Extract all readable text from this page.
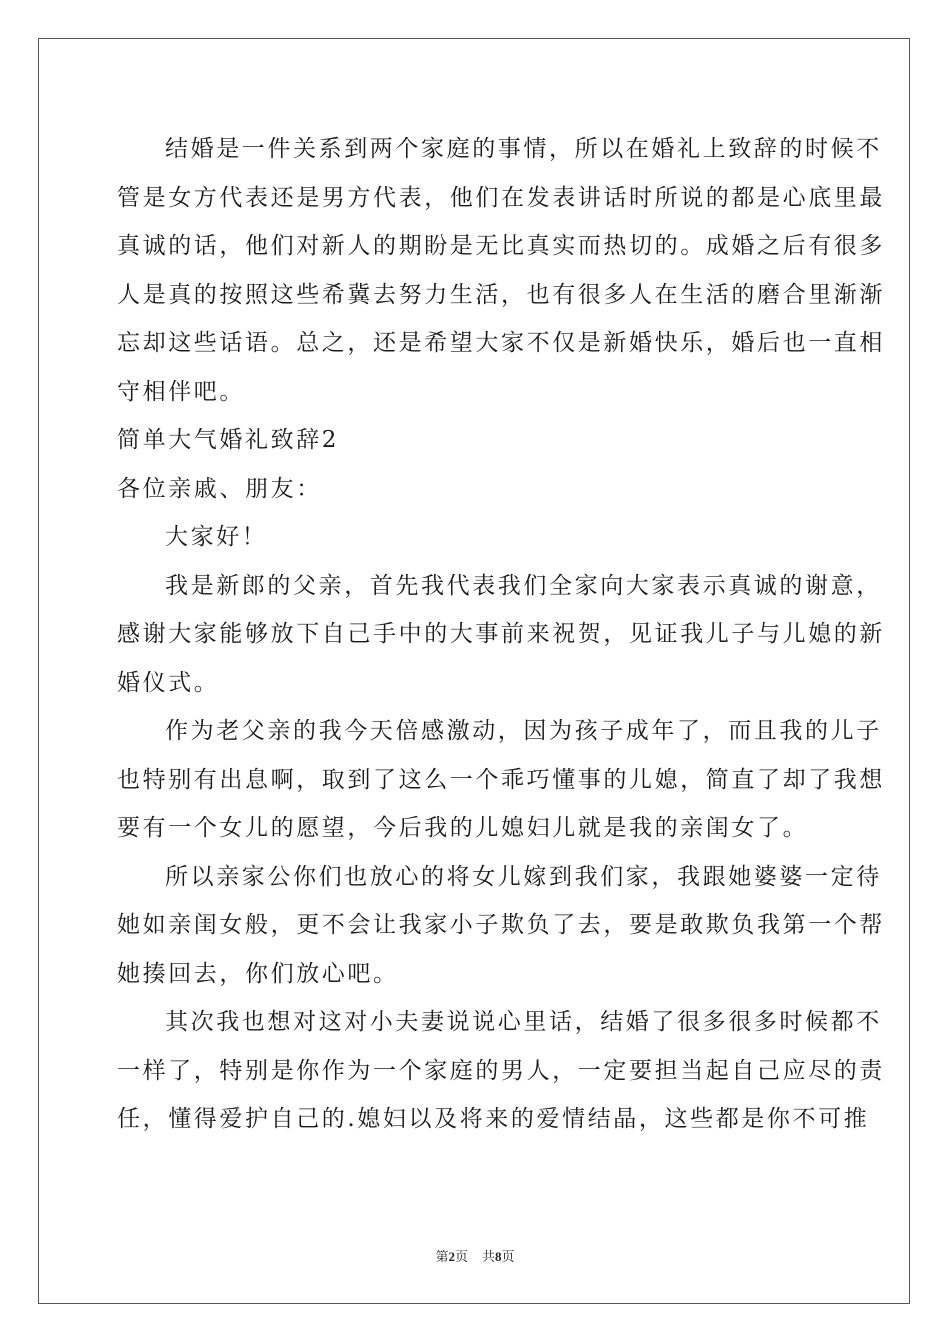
结婚是一件关系到两个家庭的事情，所以在婚礼上致辞的时候不
管是女方代表还是男方代表，他们在发表讲话时所说的都是心底里最
真诚的话，他们对新人的期盼是无比真实而热切的。成婚之后有很多
人是真的按照这些希冀去努力生活，也有很多人在生活的磨合里渐渐
忘却这些话语。总之，还是希望大家不仅是新婚快乐，婚后也一直相
守相伴吧。
简单大气婚礼致辞2
各位亲戚、朋友：
大家好！
我是新郎的父亲，首先我代表我们全家向大家表示真诚的谢意，
感谢大家能够放下自己手中的大事前来祝贺，见证我儿子与儿媳的新
婚仪式。
作为老父亲的我今天倍感激动，因为孩子成年了，而且我的儿子
也特别有出息啊，取到了这么一个乖巧懂事的儿媳，简直了却了我想
要有一个女儿的愿望，今后我的儿媳妇儿就是我的亲闺女了。
所以亲家公你们也放心的将女儿嫁到我们家，我跟她婆婆一定待
她如亲闺女般，更不会让我家小子欺负了去，要是敢欺负我第一个帮
她揍回去，你们放心吧。
其次我也想对这对小夫妻说说心里话，结婚了很多很多时候都不
一样了，特别是你作为一个家庭的男人，一定要担当起自己应尽的责
任，懂得爱护自己的.媳妇以及将来的爱情结晶，这些都是你不可推
第2页 共8页
